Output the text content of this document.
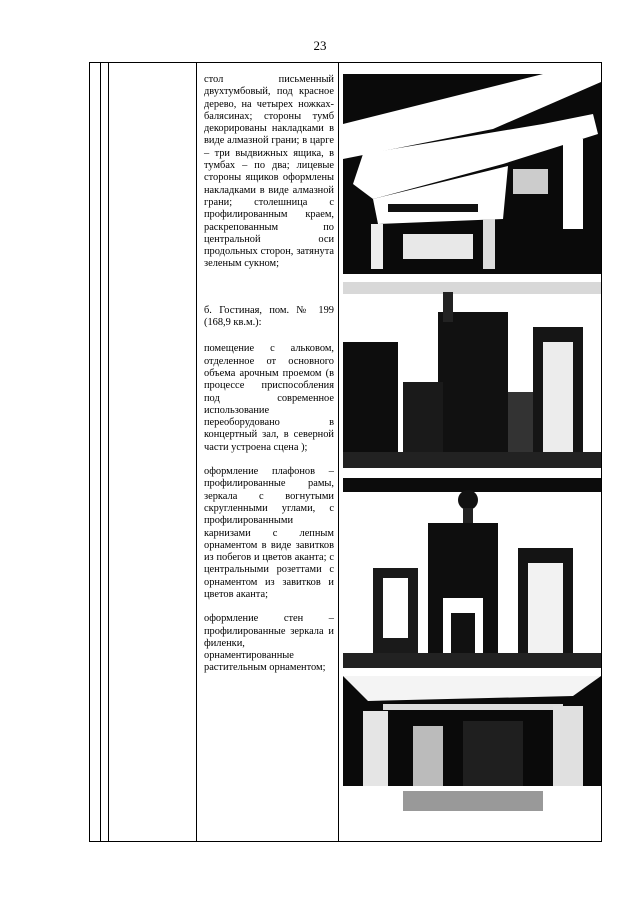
23

стол письменный двухтумбовый, под красное дерево, на четырех ножках-балясинах; стороны тумб декорированы накладками в виде алмазной грани; в царге – три выдвижных ящика, в тумбах – по два; лицевые стороны ящиков оформлены накладками в виде алмазной грани; столешница с профилированным краем, раскрепованным по центральной оси продольных сторон, затянута зеленым сукном;

б. Гостиная, пом. № 199 (168,9 кв.м.):

помещение с альковом, отделенное от основного объема арочным проемом (в процессе приспособления под современное использование переоборудовано в концертный зал, в северной части устроена сцена );

оформление плафонов – профилированные рамы, зеркала с вогнутыми скругленными углами, с профилированными карнизами с лепным орнаментом в виде завитков из побегов и цветов аканта; с центральными розеттами с орнаментом из завитков и цветов аканта;

оформление стен – профилированные зеркала и филенки, орнаментированные растительным орнаментом;
